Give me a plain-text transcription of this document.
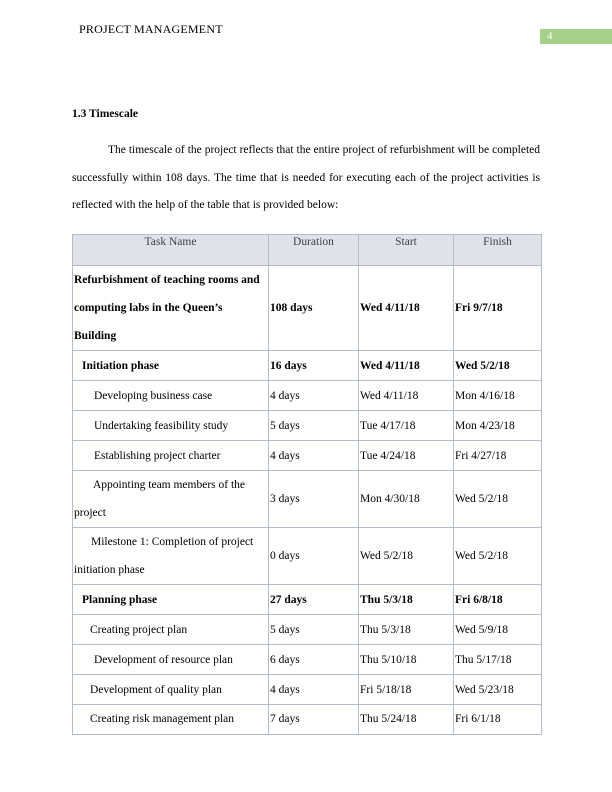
PROJECT MANAGEMENT	4
1.3 Timescale

The timescale of the project reflects that the entire project of refurbishment will be completed successfully within 108 days. The time that is needed for executing each of the project activities is reflected with the help of the table that is provided below:

Task Name	Duration	Start	Finish
Refurbishment of teaching rooms and computing labs in the Queen’s Building	108 days	Wed 4/11/18	Fri 9/7/18
Initiation phase	16 days	Wed 4/11/18	Wed 5/2/18
Developing business case	4 days	Wed 4/11/18	Mon 4/16/18
Undertaking feasibility study	5 days	Tue 4/17/18	Mon 4/23/18
Establishing project charter	4 days	Tue 4/24/18	Fri 4/27/18
Appointing team members of the project	3 days	Mon 4/30/18	Wed 5/2/18
Milestone 1: Completion of project initiation phase	0 days	Wed 5/2/18	Wed 5/2/18
Planning phase	27 days	Thu 5/3/18	Fri 6/8/18
Creating project plan	5 days	Thu 5/3/18	Wed 5/9/18
Development of resource plan	6 days	Thu 5/10/18	Thu 5/17/18
Development of quality plan	4 days	Fri 5/18/18	Wed 5/23/18
Creating risk management plan	7 days	Thu 5/24/18	Fri 6/1/18
